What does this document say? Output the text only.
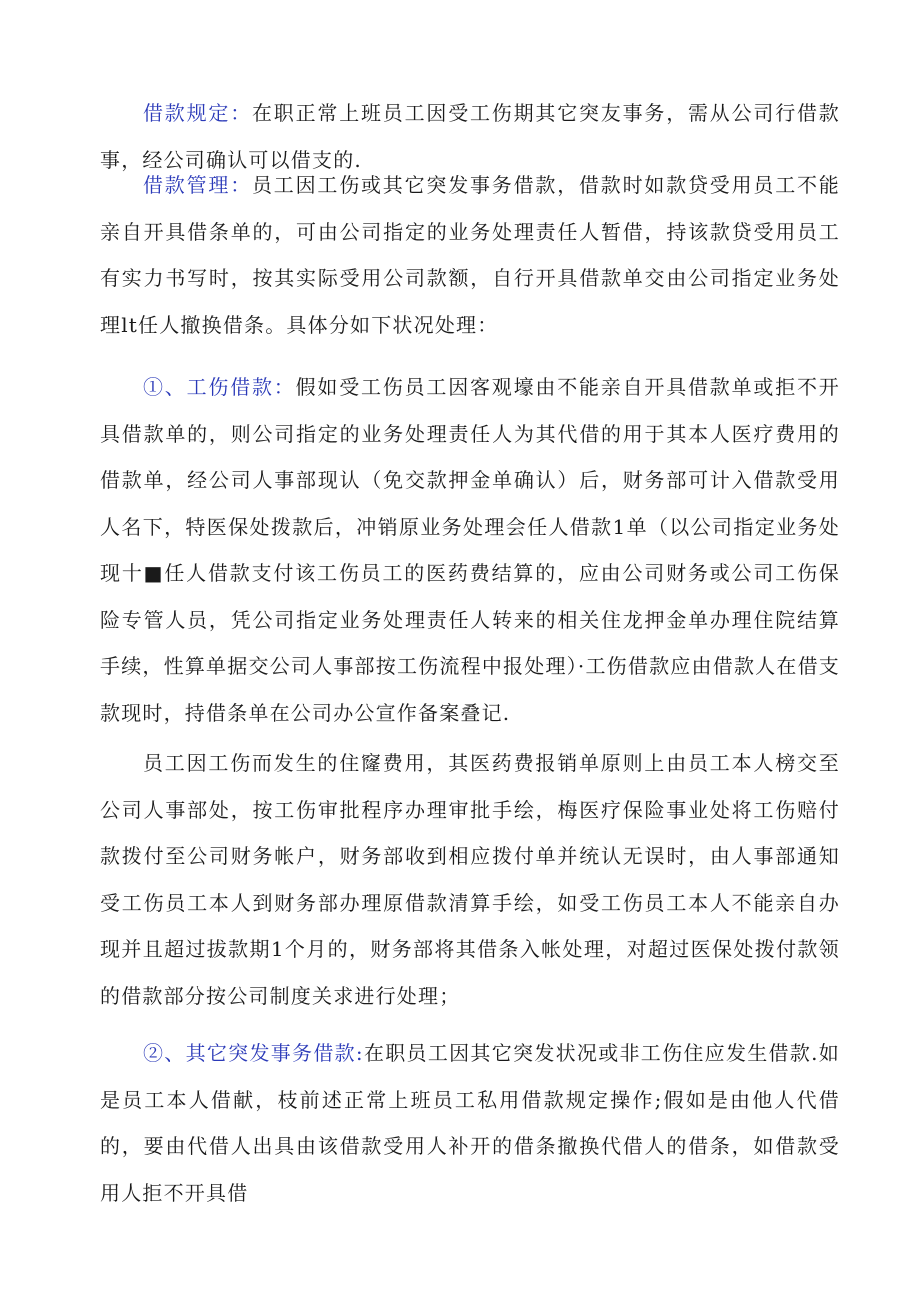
借款规定：在职正常上班员工因受工伤期其它突友事务，需从公司行借款事，经公司确认可以借支的.

借款管理：员工因工伤或其它突发事务借款，借款时如款贷受用员工不能亲自开具借条单的，可由公司指定的业务处理责任人暂借，持该款贷受用员工有实力书写时，按其实际受用公司款额，自行开具借款单交由公司指定业务处理lt任人撤换借条。具体分如下状况处理：

①、工伤借款：假如受工伤员工因客观壕由不能亲自开具借款单或拒不开具借款单的，则公司指定的业务处理责任人为其代借的用于其本人医疗费用的借款单，经公司人事部现认（免交款押金单确认）后，财务部可计入借款受用人名下，特医保处拨款后，冲销原业务处理会任人借款1单（以公司指定业务处现十■任人借款支付该工伤员工的医药费结算的，应由公司财务或公司工伤保险专管人员，凭公司指定业务处理责任人转来的相关住龙押金单办理住院结算手续，性算单据交公司人事部按工伤流程中报处理）·工伤借款应由借款人在借支款现时，持借条单在公司办公宣作备案叠记.

员工因工伤而发生的住窿费用，其医药费报销单原则上由员工本人榜交至公司人事部处，按工伤审批程序办理审批手绘，梅医疗保险事业处将工伤赔付款拨付至公司财务帐户，财务部收到相应拨付单并统认无误时，由人事部通知受工伤员工本人到财务部办理原借款清算手绘，如受工伤员工本人不能亲自办现并且超过拔款期1个月的，财务部将其借条入帐处理，对超过医保处拨付款领的借款部分按公司制度关求进行处理；

②、其它突发事务借款:在职员工因其它突发状况或非工伤住应发生借款.如是员工本人借献，枝前述正常上班员工私用借款规定操作;假如是由他人代借的，要由代借人出具由该借款受用人补开的借条撤换代借人的借条，如借款受用人拒不开具借
